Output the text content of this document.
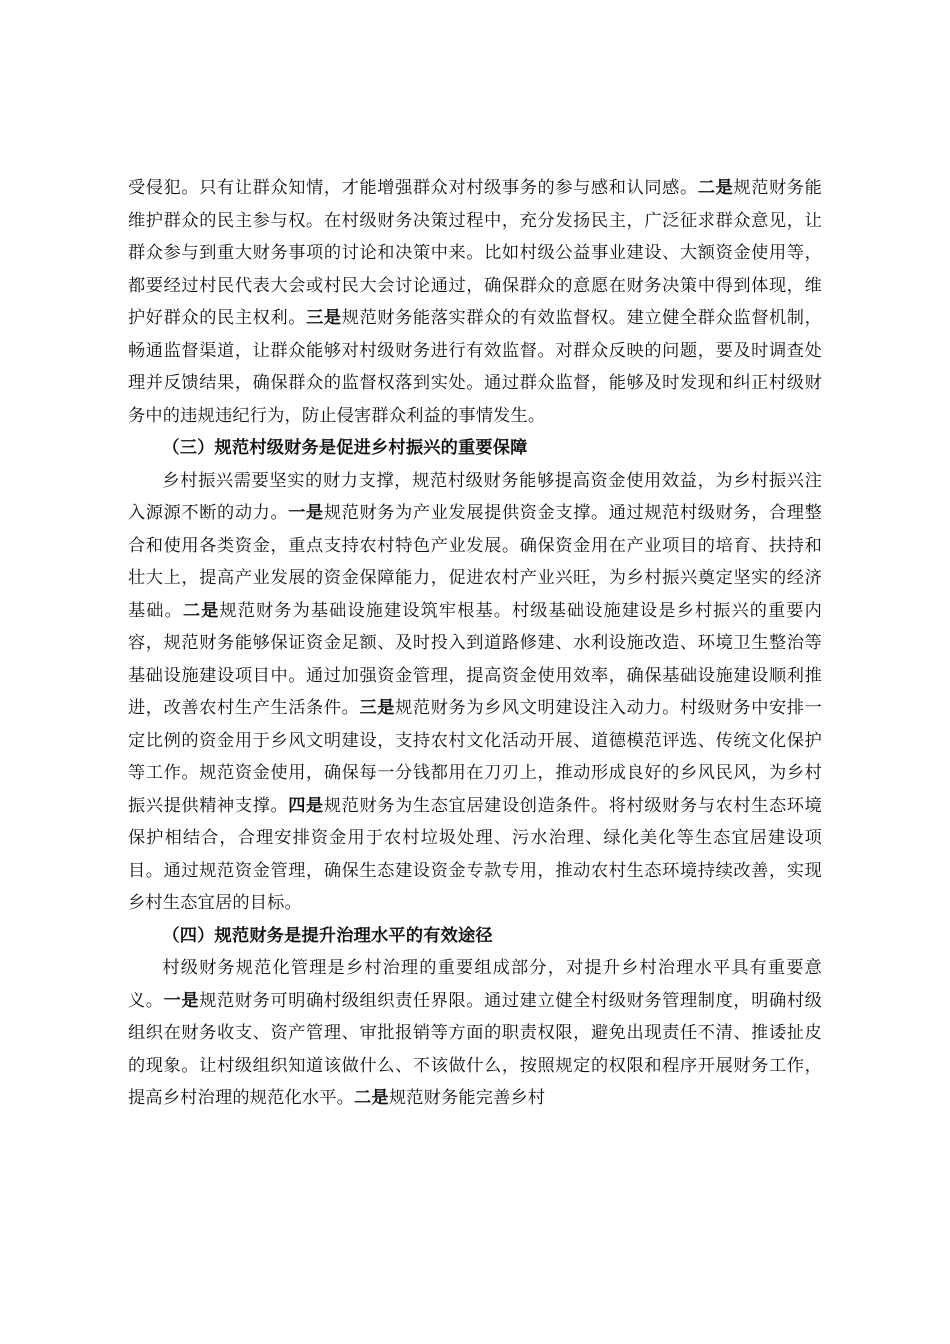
受侵犯。只有让群众知情，才能增强群众对村级事务的参与感和认同感。二是规范财务能维护群众的民主参与权。在村级财务决策过程中，充分发扬民主，广泛征求群众意见，让群众参与到重大财务事项的讨论和决策中来。比如村级公益事业建设、大额资金使用等，都要经过村民代表大会或村民大会讨论通过，确保群众的意愿在财务决策中得到体现，维护好群众的民主权利。三是规范财务能落实群众的有效监督权。建立健全群众监督机制，畅通监督渠道，让群众能够对村级财务进行有效监督。对群众反映的问题，要及时调查处理并反馈结果，确保群众的监督权落到实处。通过群众监督，能够及时发现和纠正村级财务中的违规违纪行为，防止侵害群众利益的事情发生。

（三）规范村级财务是促进乡村振兴的重要保障

乡村振兴需要坚实的财力支撑，规范村级财务能够提高资金使用效益，为乡村振兴注入源源不断的动力。一是规范财务为产业发展提供资金支撑。通过规范村级财务，合理整合和使用各类资金，重点支持农村特色产业发展。确保资金用在产业项目的培育、扶持和壮大上，提高产业发展的资金保障能力，促进农村产业兴旺，为乡村振兴奠定坚实的经济基础。二是规范财务为基础设施建设筑牢根基。村级基础设施建设是乡村振兴的重要内容，规范财务能够保证资金足额、及时投入到道路修建、水利设施改造、环境卫生整治等基础设施建设项目中。通过加强资金管理，提高资金使用效率，确保基础设施建设顺利推进，改善农村生产生活条件。三是规范财务为乡风文明建设注入动力。村级财务中安排一定比例的资金用于乡风文明建设，支持农村文化活动开展、道德模范评选、传统文化保护等工作。规范资金使用，确保每一分钱都用在刀刃上，推动形成良好的乡风民风，为乡村振兴提供精神支撑。四是规范财务为生态宜居建设创造条件。将村级财务与农村生态环境保护相结合，合理安排资金用于农村垃圾处理、污水治理、绿化美化等生态宜居建设项目。通过规范资金管理，确保生态建设资金专款专用，推动农村生态环境持续改善，实现乡村生态宜居的目标。

（四）规范财务是提升治理水平的有效途径

村级财务规范化管理是乡村治理的重要组成部分，对提升乡村治理水平具有重要意义。一是规范财务可明确村级组织责任界限。通过建立健全村级财务管理制度，明确村级组织在财务收支、资产管理、审批报销等方面的职责权限，避免出现责任不清、推诿扯皮的现象。让村级组织知道该做什么、不该做什么，按照规定的权限和程序开展财务工作，提高乡村治理的规范化水平。二是规范财务能完善乡村
